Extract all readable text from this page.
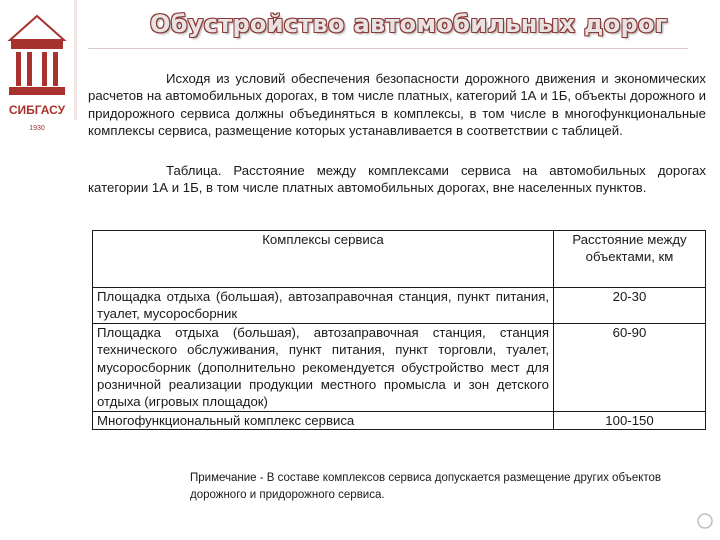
СИБГАСУ
1930
Обустройство автомобильных дорог

Исходя из условий обеспечения безопасности дорожного движения и экономических расчетов на автомобильных дорогах, в том числе платных, категорий 1А и 1Б, объекты дорожного и придорожного сервиса должны объединяться в комплексы, в том числе в многофункциональные комплексы сервиса, размещение которых устанавливается в соответствии с таблицей.

Таблица. Расстояние между комплексами сервиса на автомобильных дорогах категории 1А и 1Б, в том числе платных автомобильных дорогах, вне населенных пунктов.

Комплексы сервиса	Расстояние между объектами, км
Площадка отдыха (большая), автозаправочная станция, пункт питания, туалет, мусоросборник	20-30
Площадка отдыха (большая), автозаправочная станция, станция технического обслуживания, пункт питания, пункт торговли, туалет, мусоросборник (дополнительно рекомендуется обустройство мест для розничной реализации продукции местного промысла и зон детского отдыха (игровых площадок)	60-90
Многофункциональный комплекс сервиса	100-150
Примечание - В составе комплексов сервиса допускается размещение других объектов дорожного и придорожного сервиса.
